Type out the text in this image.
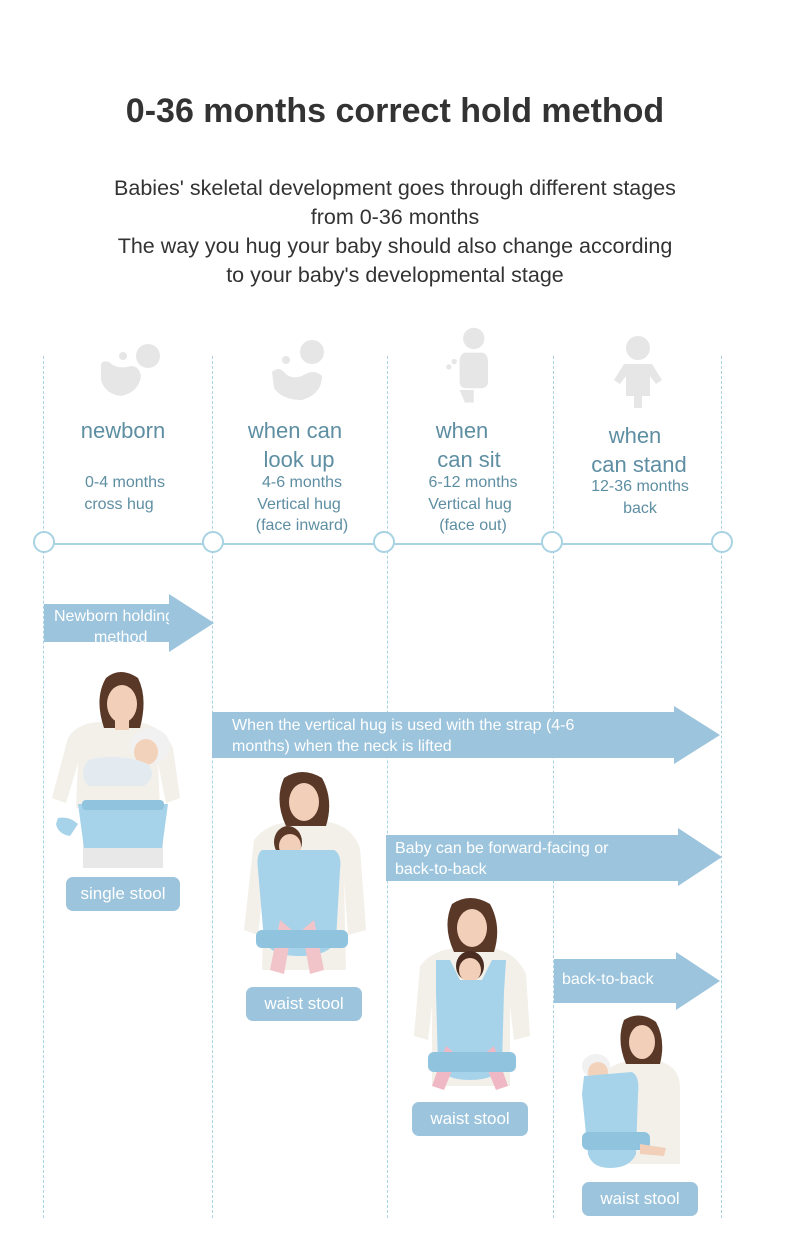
0-36 months correct hold method
Babies' skeletal development goes through different stages
from 0-36 months
The way you hug your baby should also change according
to your baby's developmental stage
newborn
0-4 months
cross hug
when can
look up
4-6 months
Vertical hug
(face inward)
when
can sit
6-12 months
Vertical hug
(face out)
when
can stand
12-36 months
back
Newborn holding
method
When the vertical hug is used with the strap (4-6
months) when the neck is lifted
Baby can be forward-facing or
back-to-back
back-to-back
single stool
waist stool
waist stool
waist stool
